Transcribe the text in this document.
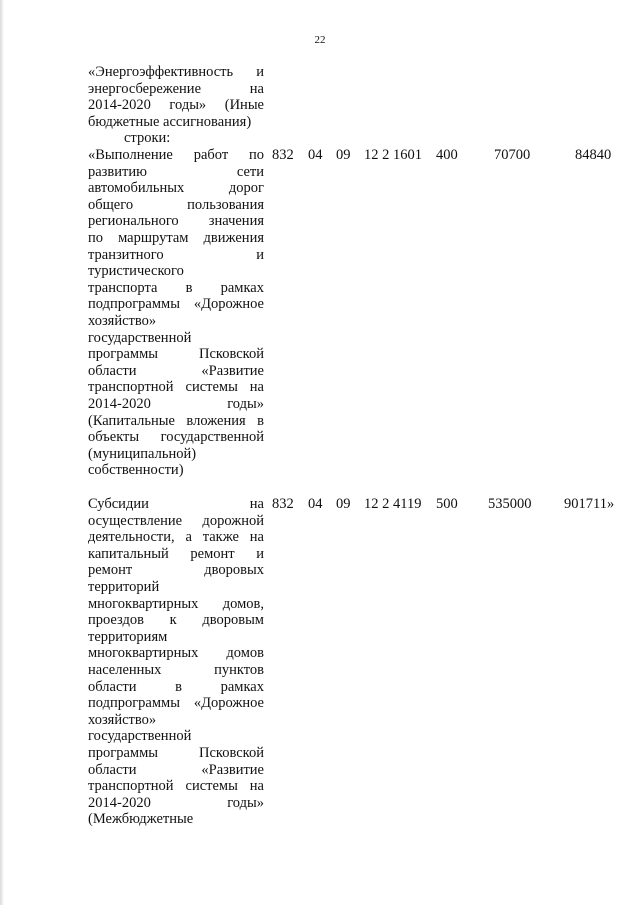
22
«Энергоэффективность и
энергосбережение на
2014-2020 годы» (Иные
бюджетные ассигнования)
строки:
«Выполнение работ по
развитию сети
автомобильных дорог
общего пользования
регионального значения
по маршрутам движения
транзитного и
туристического
транспорта в рамках
подпрограммы «Дорожное
хозяйство»
государственной
программы Псковской
области «Развитие
транспортной системы на
2014-2020 годы»
(Капитальные вложения в
объекты государственной
(муниципальной)
собственности)
832 04 09 12 2 1601 400	70700	84840
Субсидии на
осуществление дорожной
деятельности, а также на
капитальный ремонт и
ремонт дворовых
территорий
многоквартирных домов,
проездов к дворовым
территориям
многоквартирных домов
населенных пунктов
области в рамках
подпрограммы «Дорожное
хозяйство»
государственной
программы Псковской
области «Развитие
транспортной системы на
2014-2020 годы»
(Межбюджетные
832 04 09 12 2 4119 500 535000	901711»
